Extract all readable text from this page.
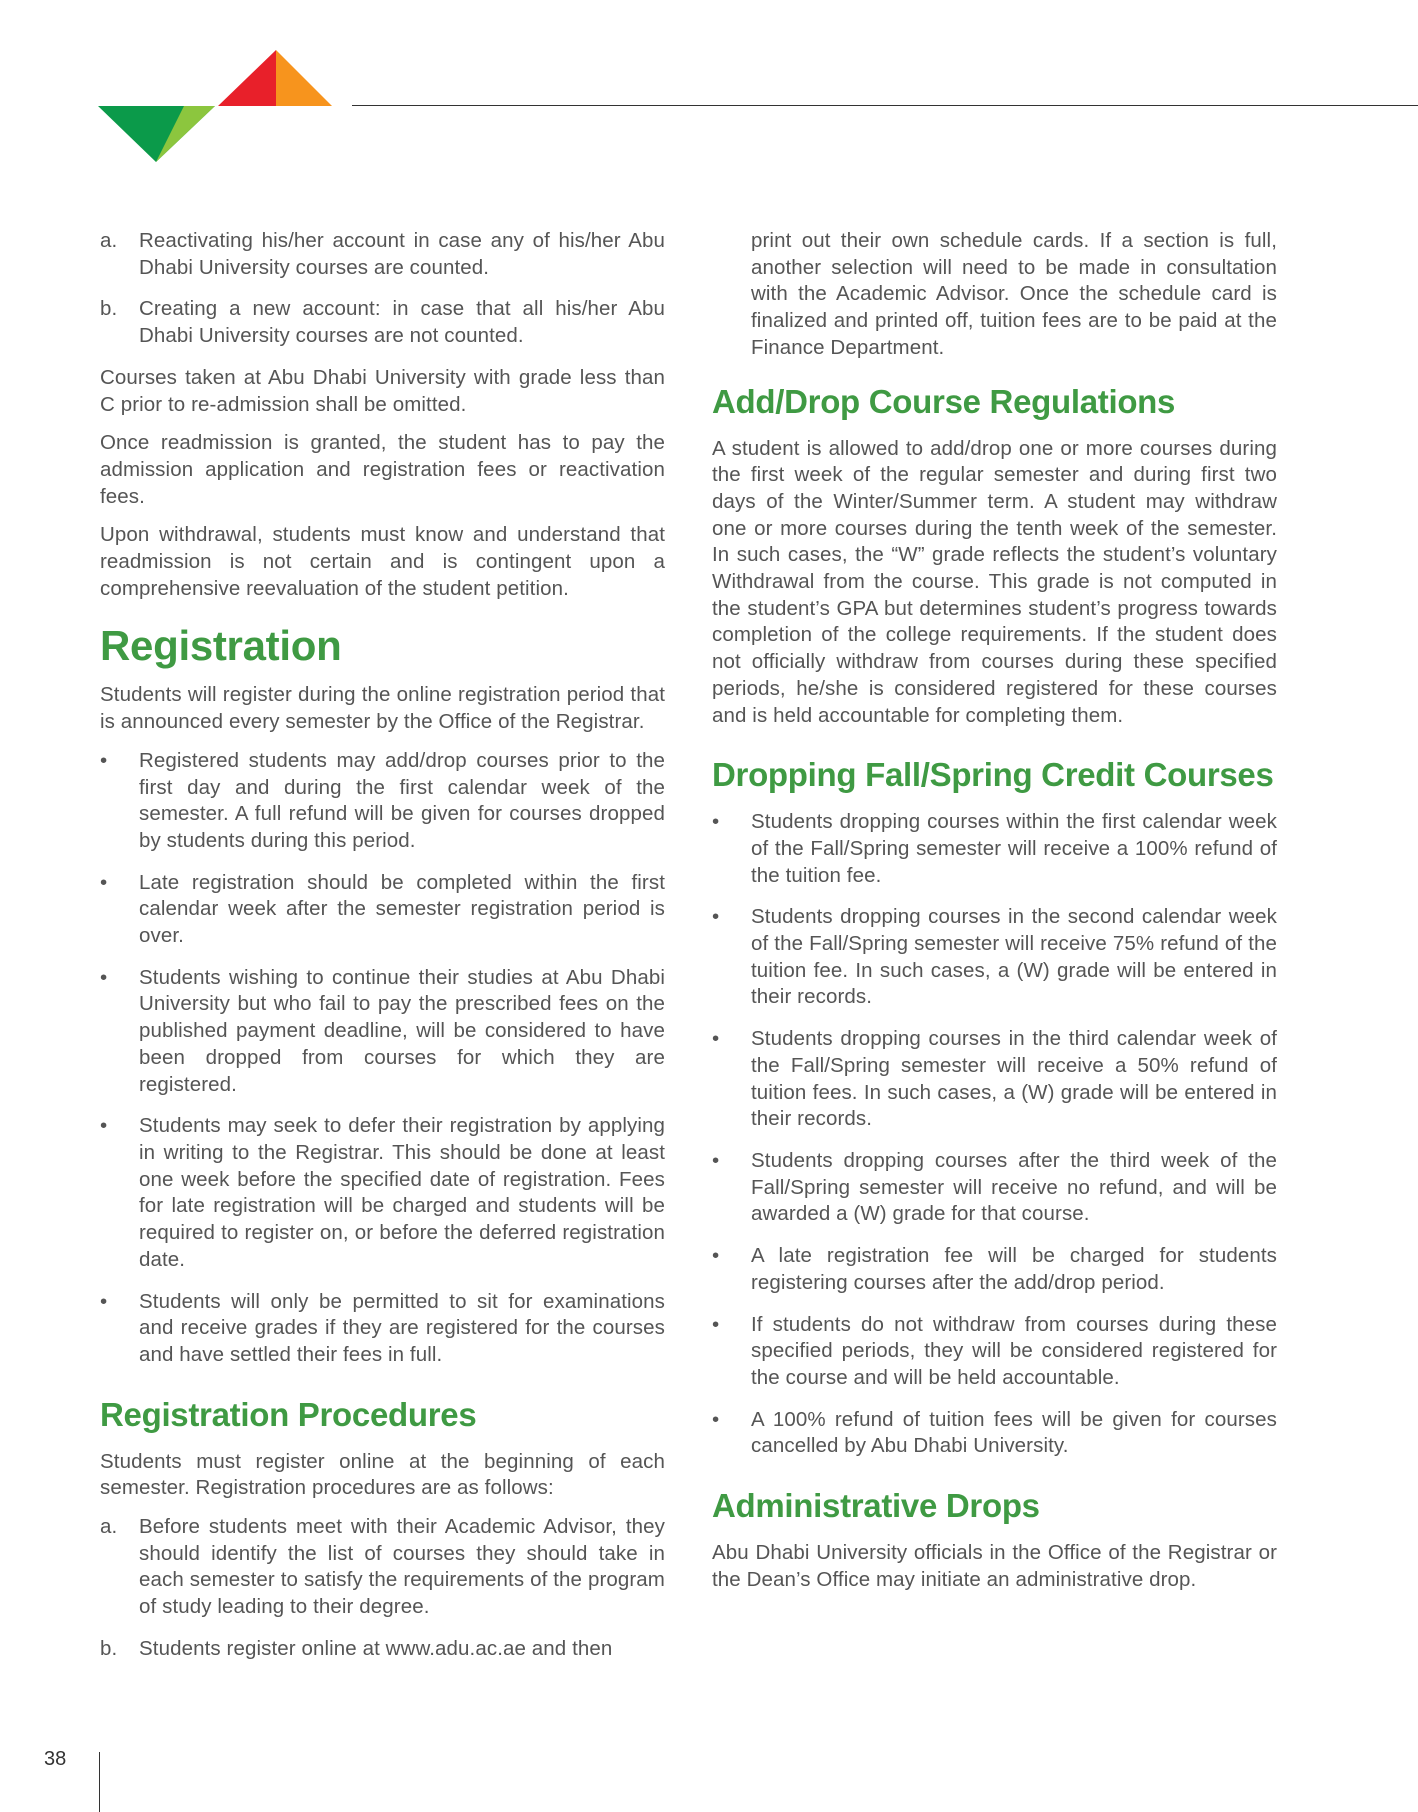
a. Reactivating his/her account in case any of his/her Abu Dhabi University courses are counted.
b. Creating a new account: in case that all his/her Abu Dhabi University courses are not counted.

Courses taken at Abu Dhabi University with grade less than C prior to re-admission shall be omitted.

Once readmission is granted, the student has to pay the admission application and registration fees or reactivation fees.

Upon withdrawal, students must know and understand that readmission is not certain and is contingent upon a comprehensive reevaluation of the student petition.

Registration

Students will register during the online registration period that is announced every semester by the Office of the Registrar.

• Registered students may add/drop courses prior to the first day and during the first calendar week of the semester. A full refund will be given for courses dropped by students during this period.
• Late registration should be completed within the first calendar week after the semester registration period is over.
• Students wishing to continue their studies at Abu Dhabi University but who fail to pay the prescribed fees on the published payment deadline, will be considered to have been dropped from courses for which they are registered.
• Students may seek to defer their registration by applying in writing to the Registrar. This should be done at least one week before the specified date of registration. Fees for late registration will be charged and students will be required to register on, or before the deferred registration date.
• Students will only be permitted to sit for examinations and receive grades if they are registered for the courses and have settled their fees in full.
Registration Procedures

Students must register online at the beginning of each semester. Registration procedures are as follows:

a. Before students meet with their Academic Advisor, they should identify the list of courses they should take in each semester to satisfy the requirements of the program of study leading to their degree.
b. Students register online at www.adu.ac.ae and then

print out their own schedule cards. If a section is full, another selection will need to be made in consultation with the Academic Advisor. Once the schedule card is finalized and printed off, tuition fees are to be paid at the Finance Department.

Add/Drop Course Regulations

A student is allowed to add/drop one or more courses during the first week of the regular semester and during first two days of the Winter/Summer term. A student may withdraw one or more courses during the tenth week of the semester. In such cases, the “W” grade reflects the student’s voluntary Withdrawal from the course. This grade is not computed in the student’s GPA but determines student’s progress towards completion of the college requirements. If the student does not officially withdraw from courses during these specified periods, he/she is considered registered for these courses and is held accountable for completing them.

Dropping Fall/Spring Credit Courses
• Students dropping courses within the first calendar week of the Fall/Spring semester will receive a 100% refund of the tuition fee.
• Students dropping courses in the second calendar week of the Fall/Spring semester will receive 75% refund of the tuition fee. In such cases, a (W) grade will be entered in their records.
• Students dropping courses in the third calendar week of the Fall/Spring semester will receive a 50% refund of tuition fees. In such cases, a (W) grade will be entered in their records.
• Students dropping courses after the third week of the Fall/Spring semester will receive no refund, and will be awarded a (W) grade for that course.
• A late registration fee will be charged for students registering courses after the add/drop period.
• If students do not withdraw from courses during these specified periods, they will be considered registered for the course and will be held accountable.
• A 100% refund of tuition fees will be given for courses cancelled by Abu Dhabi University.
Administrative Drops

Abu Dhabi University officials in the Office of the Registrar or the Dean’s Office may initiate an administrative drop.

38
